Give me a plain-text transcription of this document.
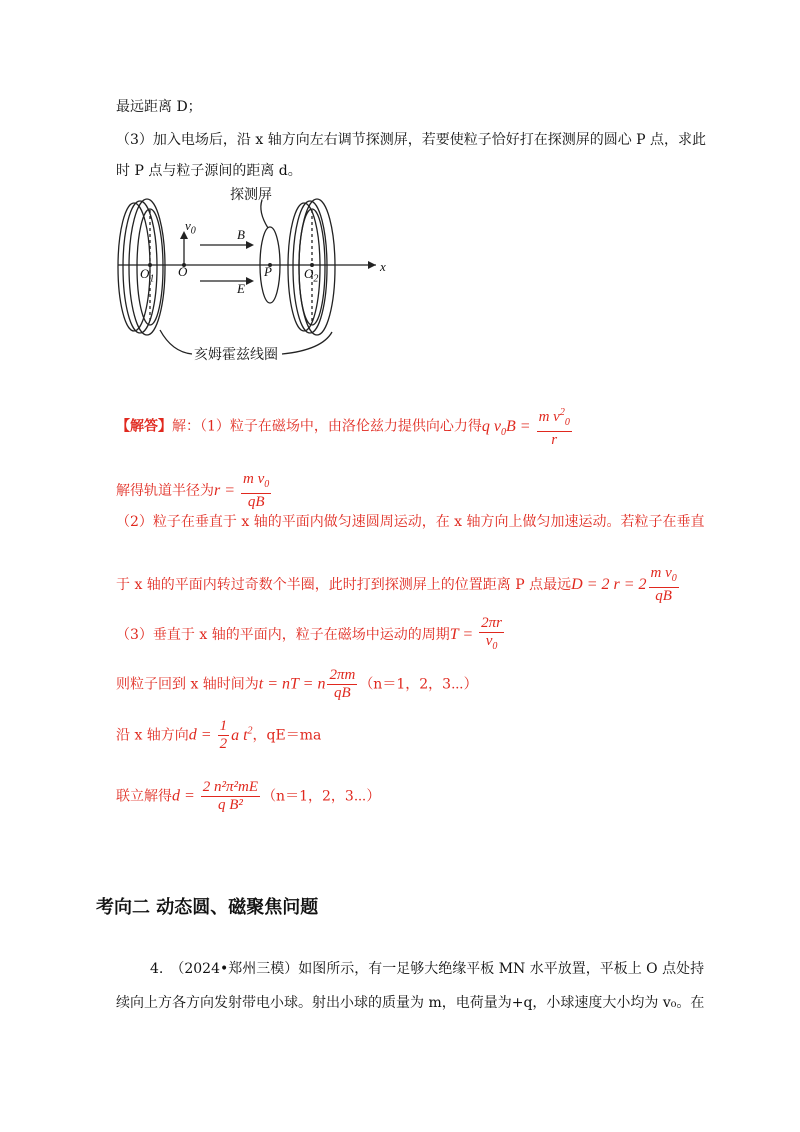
最远距离 D；
（3）加入电场后，沿 x 轴方向左右调节探测屏，若要使粒子恰好打在探测屏的圆心 P 点，求此
时 P 点与粒子源间的距离 d。
探测屏
$v_0$	B
E
$O_1$
O	P $O_2$
x
亥姆霍兹线圈
【解答】解：（1）粒子在磁场中，由洛伦兹力提供向心力得q $v_0B = \frac{m v^2_0}{r}$
解得轨道半径为$r = \frac{m v_0}{qB}$
（2）粒子在垂直于 x 轴的平面内做匀速圆周运动，在 x 轴方向上做匀加速运动。若粒子在垂直
于 x 轴的平面内转过奇数个半圈，此时打到探测屏上的位置距离 P 点最远D = 2 $r = 2 \frac{m v_0}{qB}$
（3）垂直于 x 轴的平面内，粒子在磁场中运动的周期$T = \frac{2\pi r}{v_0}$
则粒子回到 x 轴时间为t = nT = n $\frac{2\pi m}{qB} (n=1$，2，3⋯）
沿 x 轴方向$d = \frac{1}{2}$ a $t^2$，qE＝ma
联立解得$d = \frac{\text{2 n²π²mE}}{\text{q B²}} (n=1$，2，3⋯）
考向二 动态圆、磁聚焦问题
4.　（2024•郑州三模）如图所示，有一足够大绝缘平板 MN 水平放置，平板上 O 点处持续向上方各方向发射带电小球。射出小球的质量为 m，电荷量为+q，小球速度大小均为 v₀。在
